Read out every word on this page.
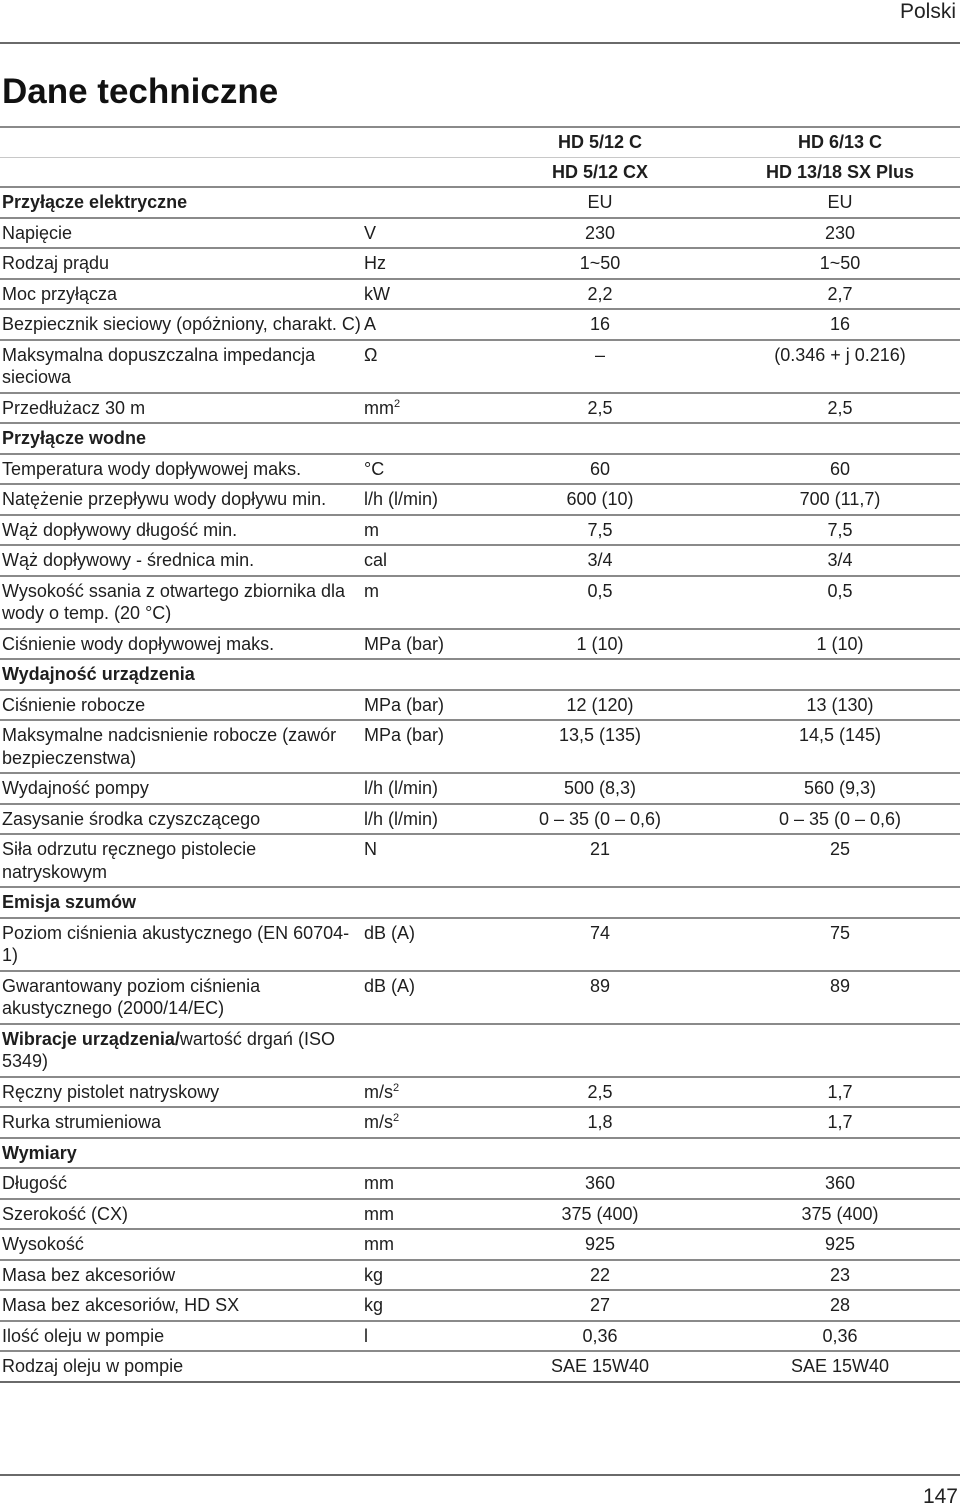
Polski
Dane techniczne
		HD 5/12 C	HD 6/13 C
		HD 5/12 CX	HD 13/18 SX Plus
Przyłącze elektryczne		EU	EU
Napięcie	V	230	230
Rodzaj prądu	Hz	1~50	1~50
Moc przyłącza	kW	2,2	2,7
Bezpiecznik sieciowy (opóżniony, charakt. C)	A	16	16
Maksymalna dopuszczalna impedancja sieciowa	Ω	–	(0.346 + j 0.216)
Przedłużacz 30 m	$mm^2$	2,5	2,5
Przyłącze wodne			
Temperatura wody dopływowej maks.	°C	60	60
Natężenie przepływu wody dopływu min.	l/h (l/min)	600 (10)	700 (11,7)
Wąż dopływowy długość min.	m	7,5	7,5
Wąż dopływowy - średnica min.	cal	3/4	3/4
Wysokość ssania z otwartego zbiornika dla wody o temp. (20 °C)	m	0,5	0,5
Ciśnienie wody dopływowej maks.	MPa (bar)	1 (10)	1 (10)
Wydajność urządzenia			
Ciśnienie robocze	MPa (bar)	12 (120)	13 (130)
Maksymalne nadcisnienie robocze (zawór bezpieczenstwa)	MPa (bar)	13,5 (135)	14,5 (145)
Wydajność pompy	l/h (l/min)	500 (8,3)	560 (9,3)
Zasysanie środka czyszczącego	l/h (l/min)	0 – 35 (0 – 0,6)	0 – 35 (0 – 0,6)
Siła odrzutu ręcznego pistolecie natryskowym	N	21	25
Emisja szumów			
Poziom ciśnienia akustycznego (EN 60704-1)	dB (A)	74	75
Gwarantowany poziom ciśnienia akustycznego (2000/14/EC)	dB (A)	89	89
Wibracje urządzenia/wartość drgań (ISO 5349)			
Ręczny pistolet natryskowy	$m/s^2$	2,5	1,7
Rurka strumieniowa	$m/s^2$	1,8	1,7
Wymiary			
Długość	mm	360	360
Szerokość (CX)	mm	375 (400)	375 (400)
Wysokość	mm	925	925
Masa bez akcesoriów	kg	22	23
Masa bez akcesoriów, HD SX	kg	27	28
Ilość oleju w pompie	l	0,36	0,36
Rodzaj oleju w pompie		SAE 15W40	SAE 15W40
147
